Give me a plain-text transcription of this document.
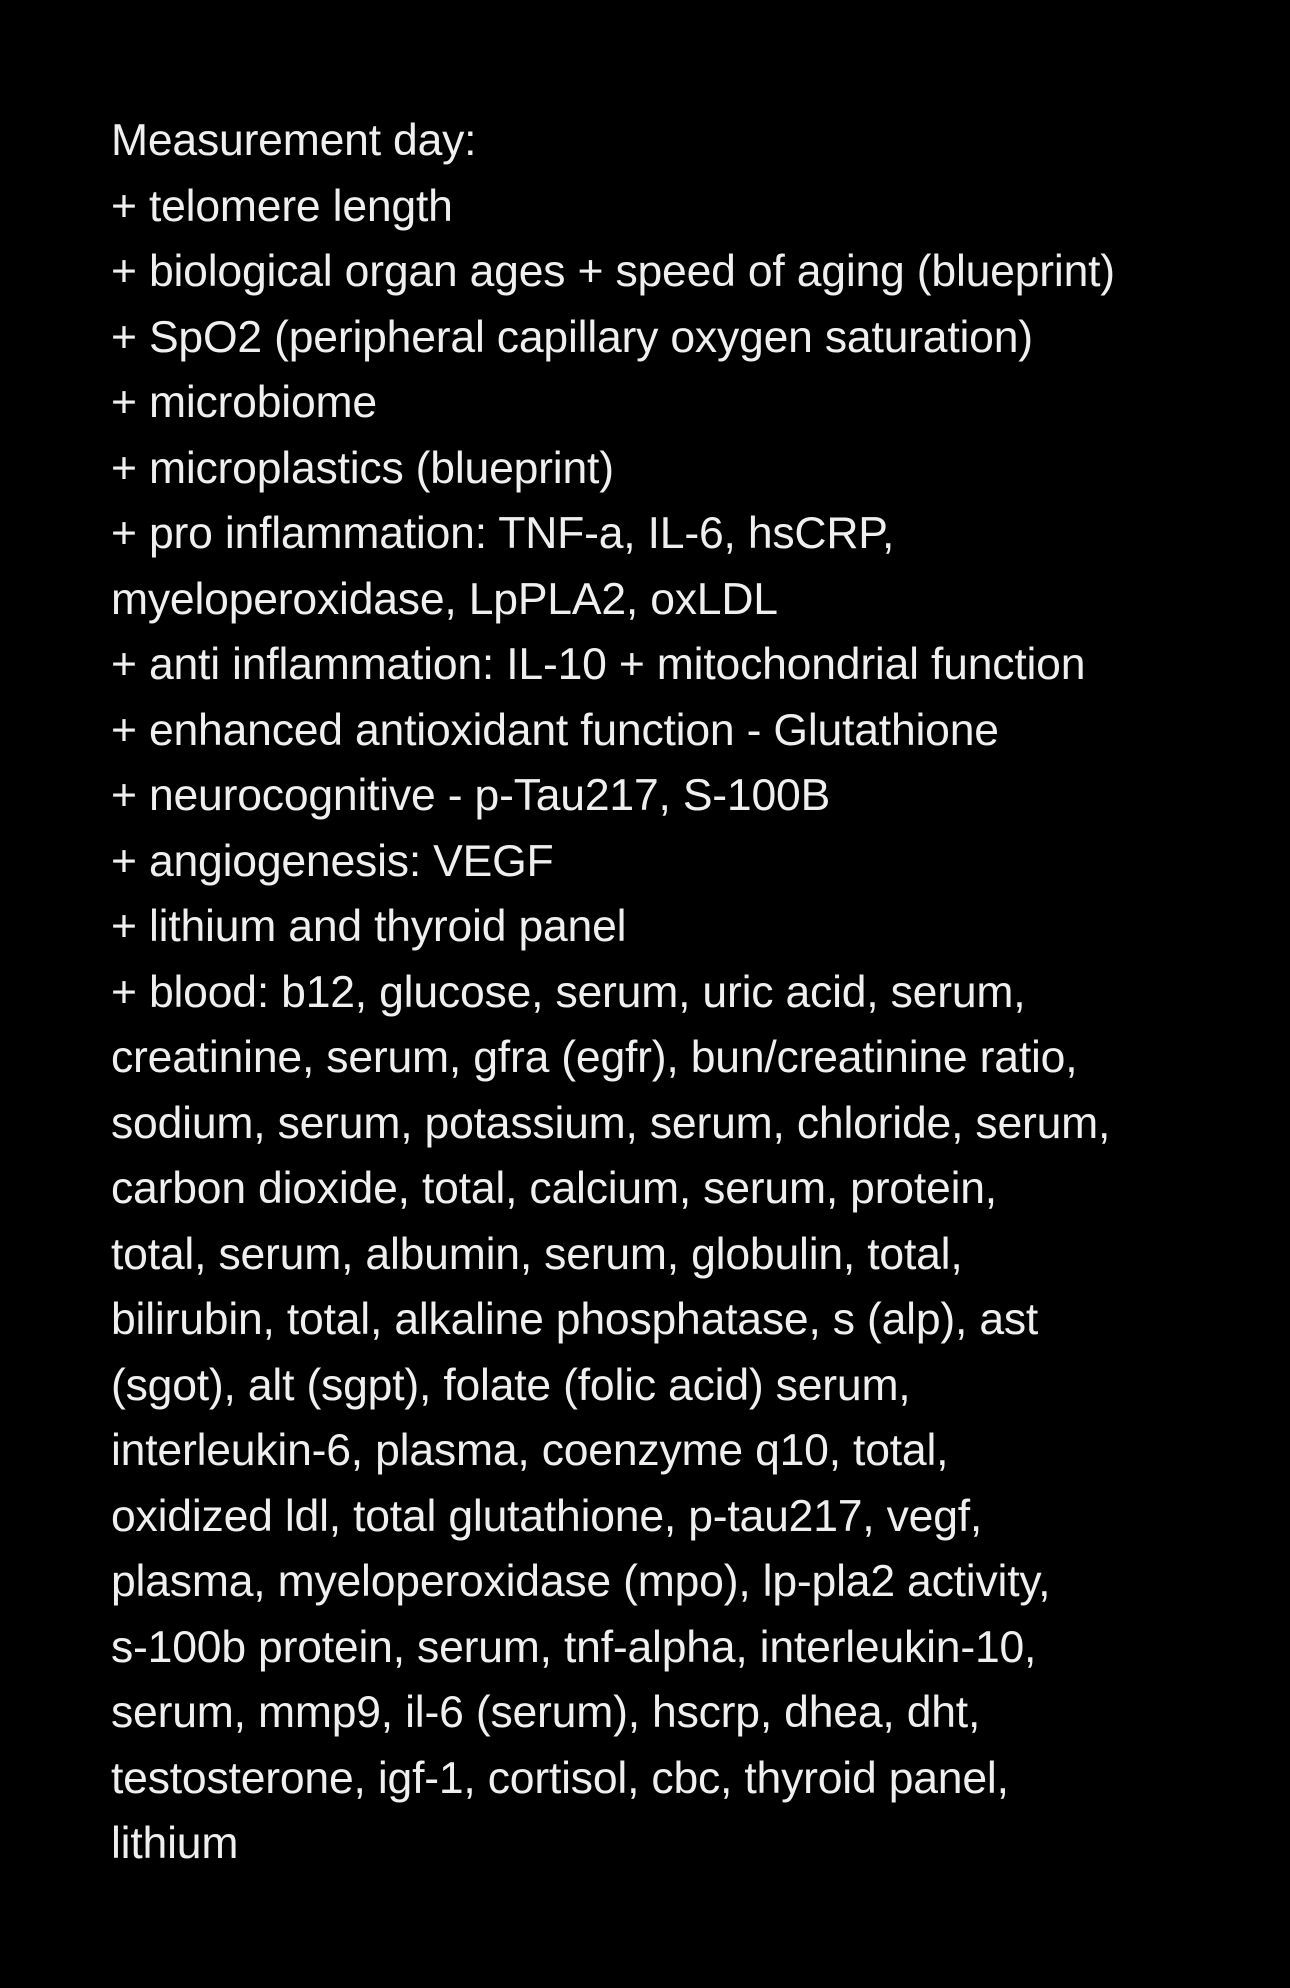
Measurement day:
+ telomere length
+ biological organ ages + speed of aging (blueprint)
+ SpO2 (peripheral capillary oxygen saturation)
+ microbiome
+ microplastics (blueprint)
+ pro inflammation: TNF-a, IL-6, hsCRP,
myeloperoxidase, LpPLA2, oxLDL
+ anti inflammation: IL-10 + mitochondrial function
+ enhanced antioxidant function - Glutathione
+ neurocognitive - p-Tau217, S-100B
+ angiogenesis: VEGF
+ lithium and thyroid panel
+ blood: b12, glucose, serum, uric acid, serum,
creatinine, serum, gfra (egfr), bun/creatinine ratio,
sodium, serum, potassium, serum, chloride, serum,
carbon dioxide, total, calcium, serum, protein,
total, serum, albumin, serum, globulin, total,
bilirubin, total, alkaline phosphatase, s (alp), ast
(sgot), alt (sgpt), folate (folic acid) serum,
interleukin-6, plasma, coenzyme q10, total,
oxidized ldl, total glutathione, p-tau217, vegf,
plasma, myeloperoxidase (mpo), lp-pla2 activity,
s-100b protein, serum, tnf-alpha, interleukin-10,
serum, mmp9, il-6 (serum), hscrp, dhea, dht,
testosterone, igf-1, cortisol, cbc, thyroid panel,
lithium
